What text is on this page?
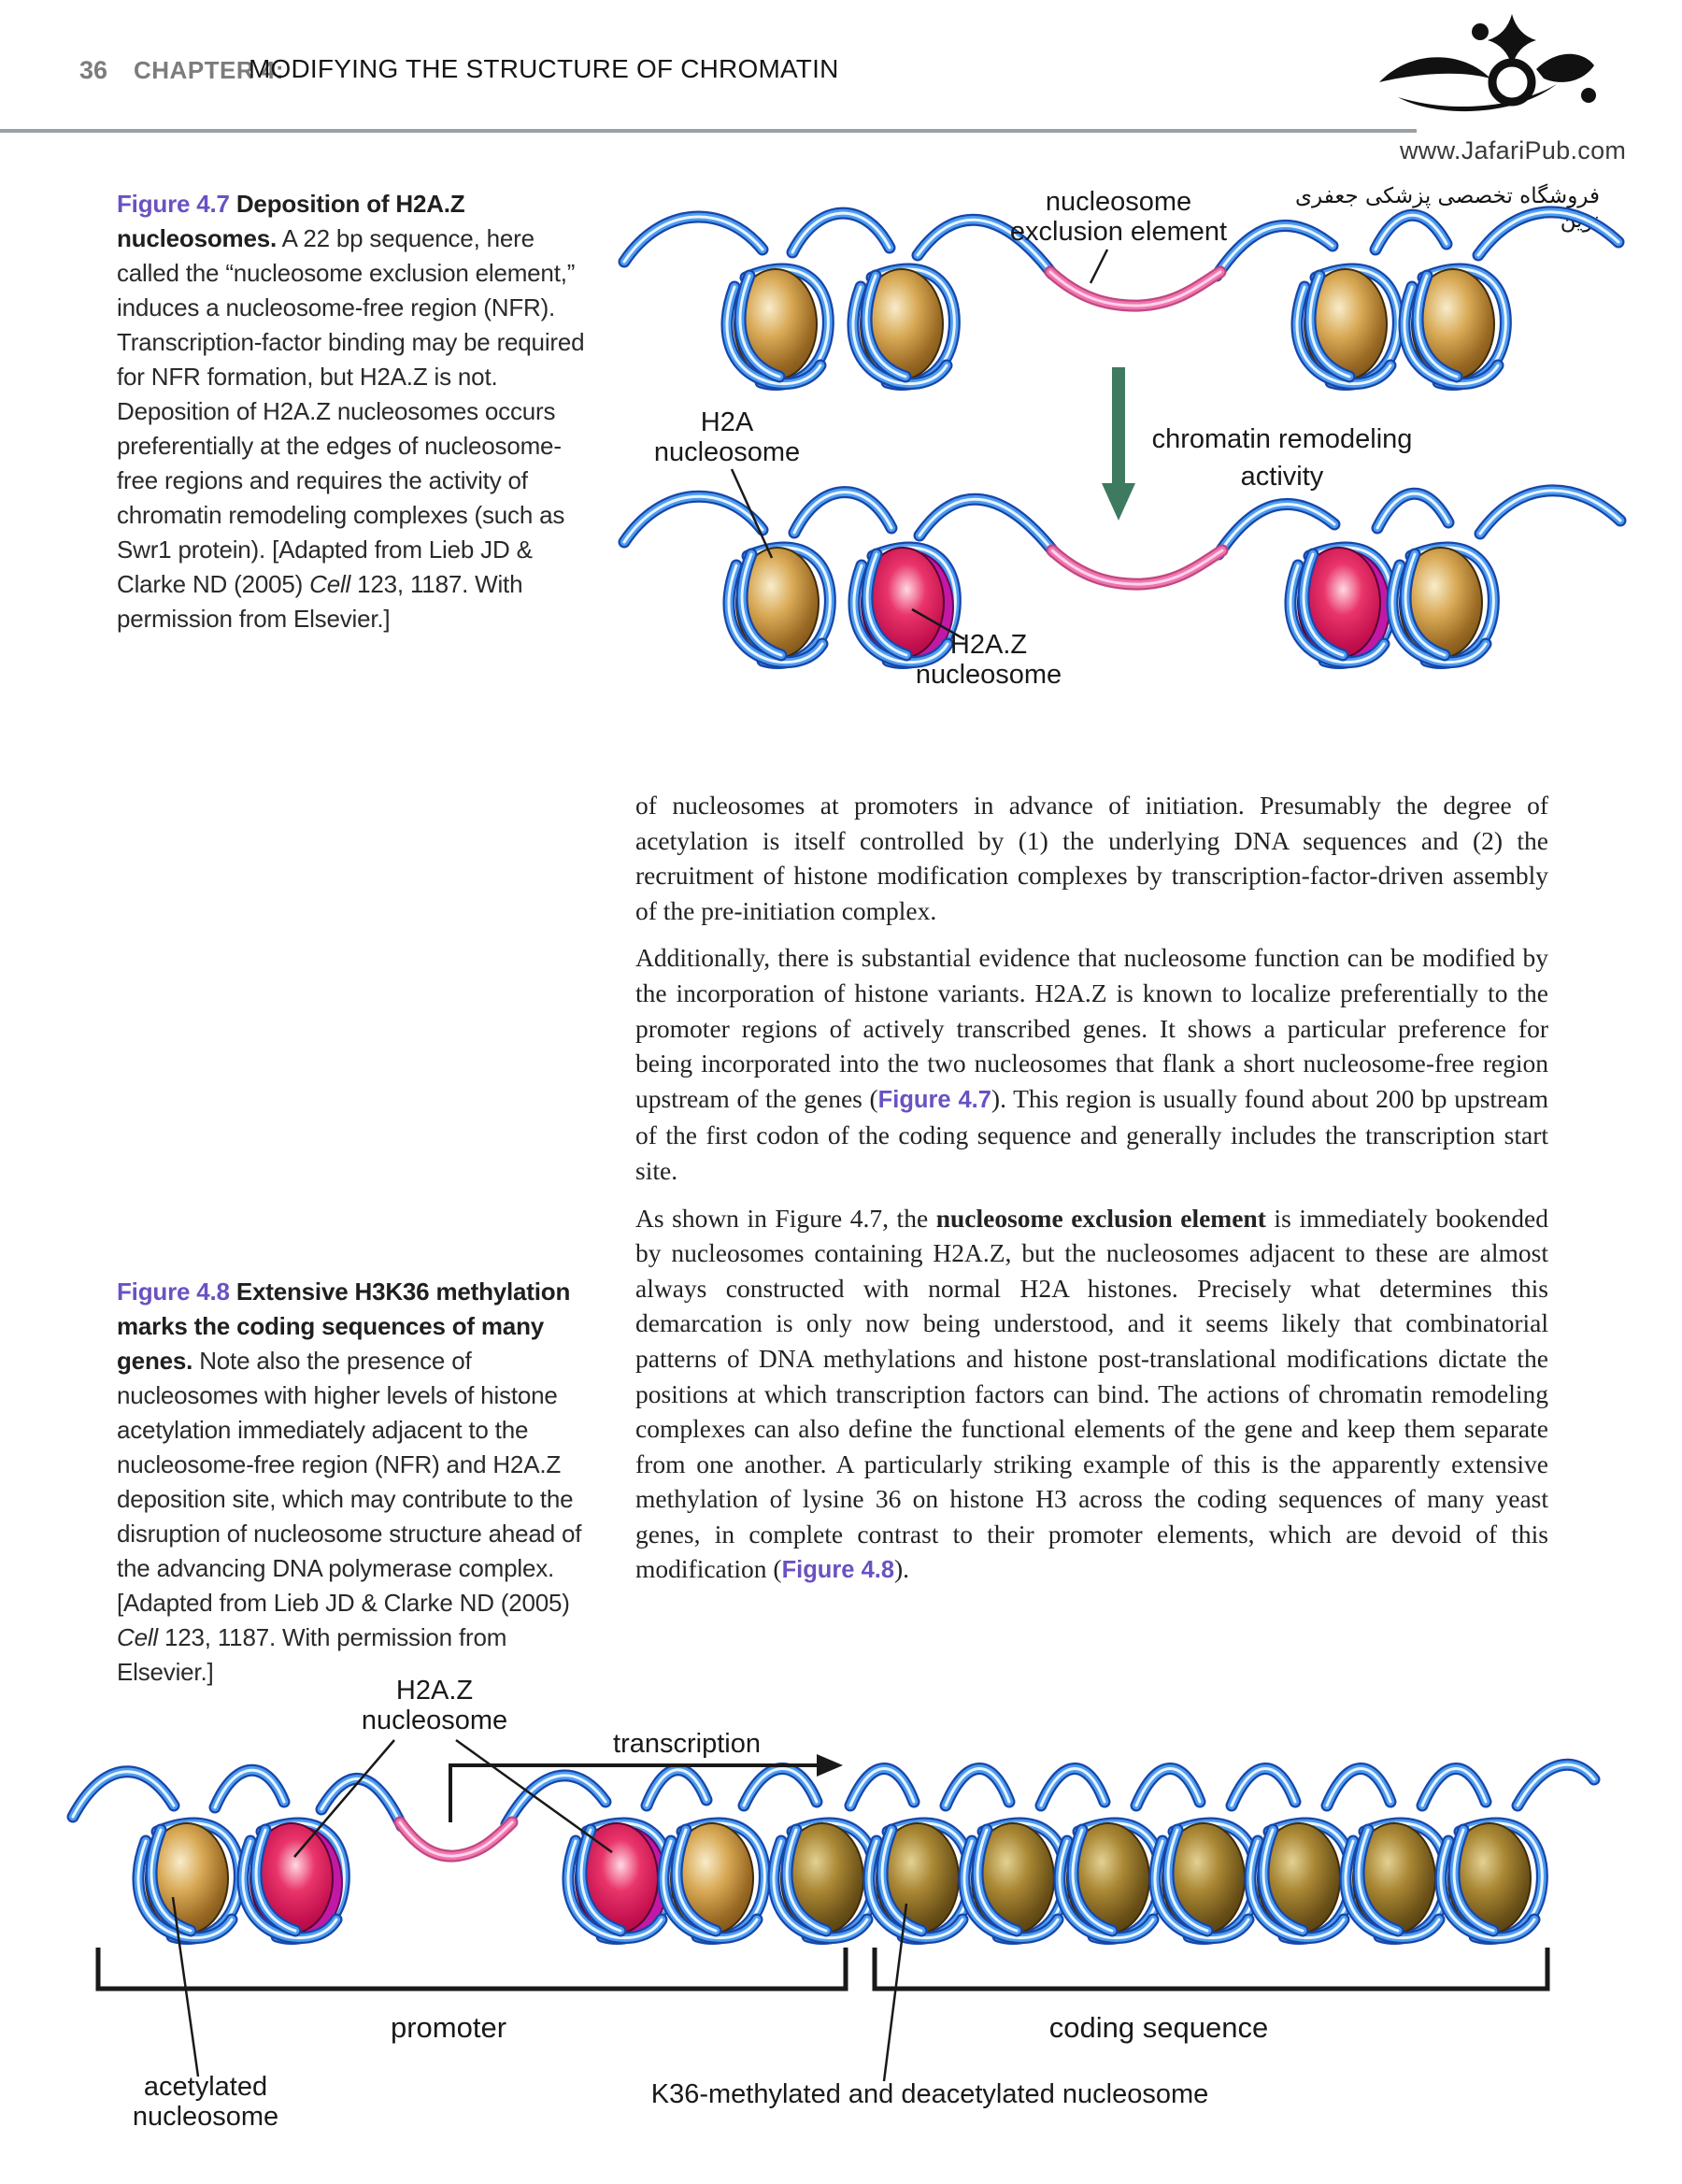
36 CHAPTER 4:
MODIFYING THE STRUCTURE OF CHROMATIN
www.JafariPub.com
فروشگاه تخصصی پزشکی جعفری نوین
Figure 4.7 Deposition of H2A.Z nucleosomes. A 22 bp sequence, here called the “nucleosome exclusion element,” induces a nucleosome-free region (NFR). Transcription-factor binding may be required for NFR formation, but H2A.Z is not. Deposition of H2A.Z nucleosomes occurs preferentially at the edges of nucleosome-free regions and requires the activity of chromatin remodeling complexes (such as Swr1 protein). [Adapted from Lieb JD & Clarke ND (2005) Cell 123, 1187. With permission from Elsevier.]
nucleosome
exclusion element
H2A
nucleosome	chromatin remodeling
activity
H2A.Z
nucleosome

of nucleosomes at promoters in advance of initiation. Presumably the degree of acetylation is itself controlled by (1) the underlying DNA sequences and (2) the recruitment of histone modification complexes by transcription-factor-driven assembly of the pre-initiation complex.

Additionally, there is substantial evidence that nucleosome function can be modified by the incorporation of histone variants. H2A.Z is known to localize preferentially to the promoter regions of actively transcribed genes. It shows a particular preference for being incorporated into the two nucleosomes that flank a short nucleosome-free region upstream of the genes (Figure 4.7). This region is usually found about 200 bp upstream of the first codon of the coding sequence and generally includes the transcription start site.

As shown in Figure 4.7, the nucleosome exclusion element is immediately bookended by nucleosomes containing H2A.Z, but the nucleosomes adjacent to these are almost always constructed with normal H2A histones. Precisely what determines this demarcation is only now being understood, and it seems likely that combinatorial patterns of DNA methylations and histone post-translational modifications dictate the positions at which transcription factors can bind. The actions of chromatin remodeling complexes can also define the functional elements of the gene and keep them separate from one another. A particularly striking example of this is the apparently extensive methylation of lysine 36 on histone H3 across the coding sequences of many yeast genes, in complete contrast to their promoter elements, which are devoid of this modification (Figure 4.8).

Figure 4.8 Extensive H3K36 methylation marks the coding sequences of many genes. Note also the presence of nucleosomes with higher levels of histone acetylation immediately adjacent to the nucleosome-free region (NFR) and H2A.Z deposition site, which may contribute to the disruption of nucleosome structure ahead of the advancing DNA polymerase complex. [Adapted from Lieb JD & Clarke ND (2005) Cell 123, 1187. With permission from Elsevier.]
H2A.Z
nucleosome
transcription
promoter	coding sequence
acetylated
nucleosome
K36-methylated and deacetylated nucleosome
